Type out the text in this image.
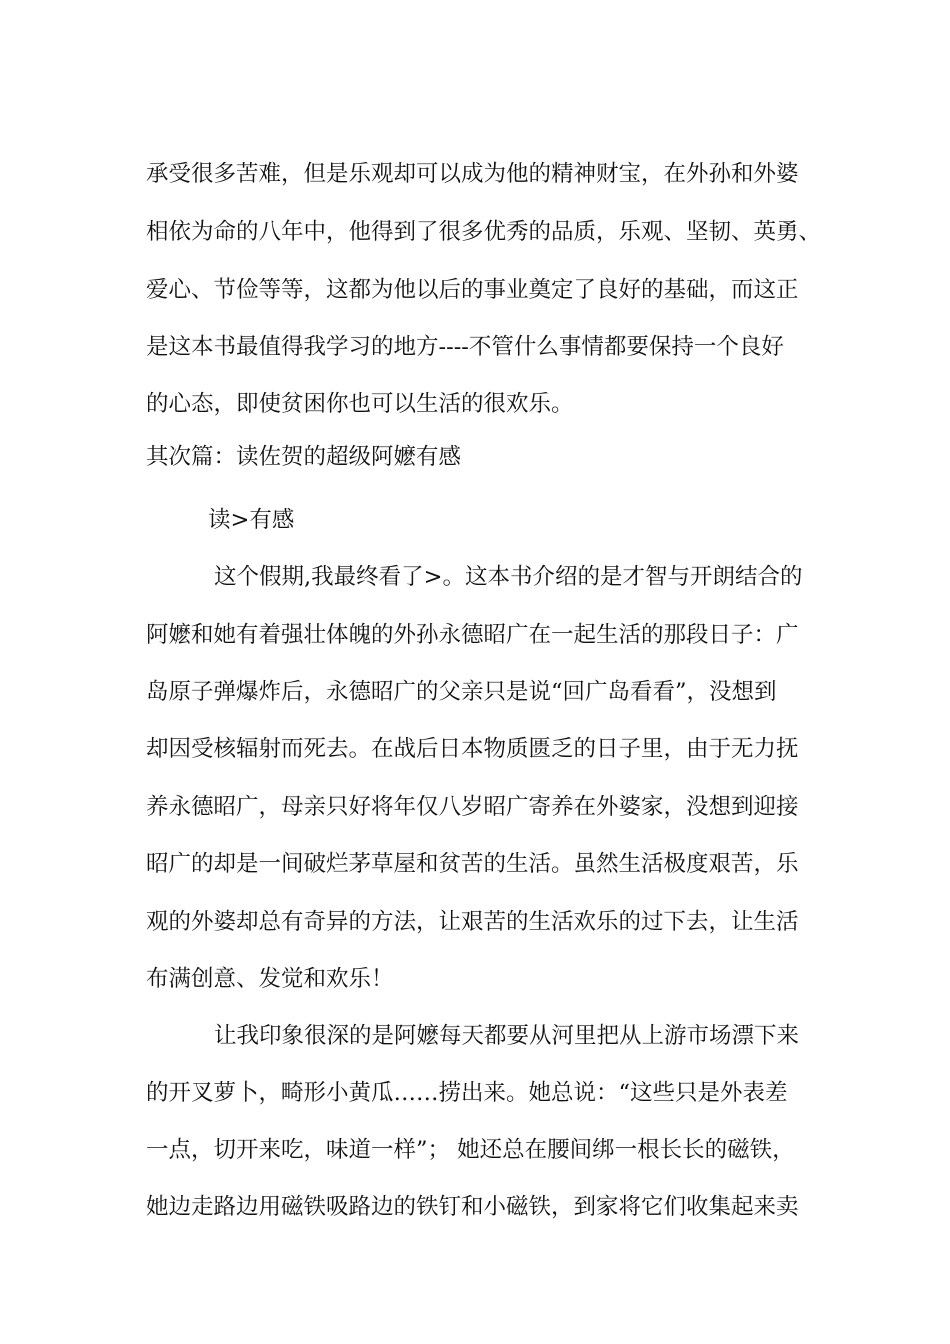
承受很多苦难，但是乐观却可以成为他的精神财宝，在外孙和外婆

相依为命的八年中，他得到了很多优秀的品质，乐观、坚韧、英勇、

爱心、节俭等等，这都为他以后的事业奠定了良好的基础，而这正

是这本书最值得我学习的地方----不管什么事情都要保持一个良好

的心态，即使贫困你也可以生活的很欢乐。

其次篇：读佐贺的超级阿嬷有感

读>有感

这个假期,我最终看了>。这本书介绍的是才智与开朗结合的

阿嬷和她有着强壮体魄的外孙永德昭广在一起生活的那段日子：广

岛原子弹爆炸后，永德昭广的父亲只是说“回广岛看看”，没想到

却因受核辐射而死去。在战后日本物质匮乏的日子里，由于无力抚

养永德昭广，母亲只好将年仅八岁昭广寄养在外婆家，没想到迎接

昭广的却是一间破烂茅草屋和贫苦的生活。虽然生活极度艰苦，乐

观的外婆却总有奇异的方法，让艰苦的生活欢乐的过下去，让生活

布满创意、发觉和欢乐！

让我印象很深的是阿嬷每天都要从河里把从上游市场漂下来

的开叉萝卜，畸形小黄瓜……捞出来。她总说：“这些只是外表差

一点，切开来吃，味道一样”； 她还总在腰间绑一根长长的磁铁，

她边走路边用磁铁吸路边的铁钉和小磁铁，到家将它们收集起来卖
